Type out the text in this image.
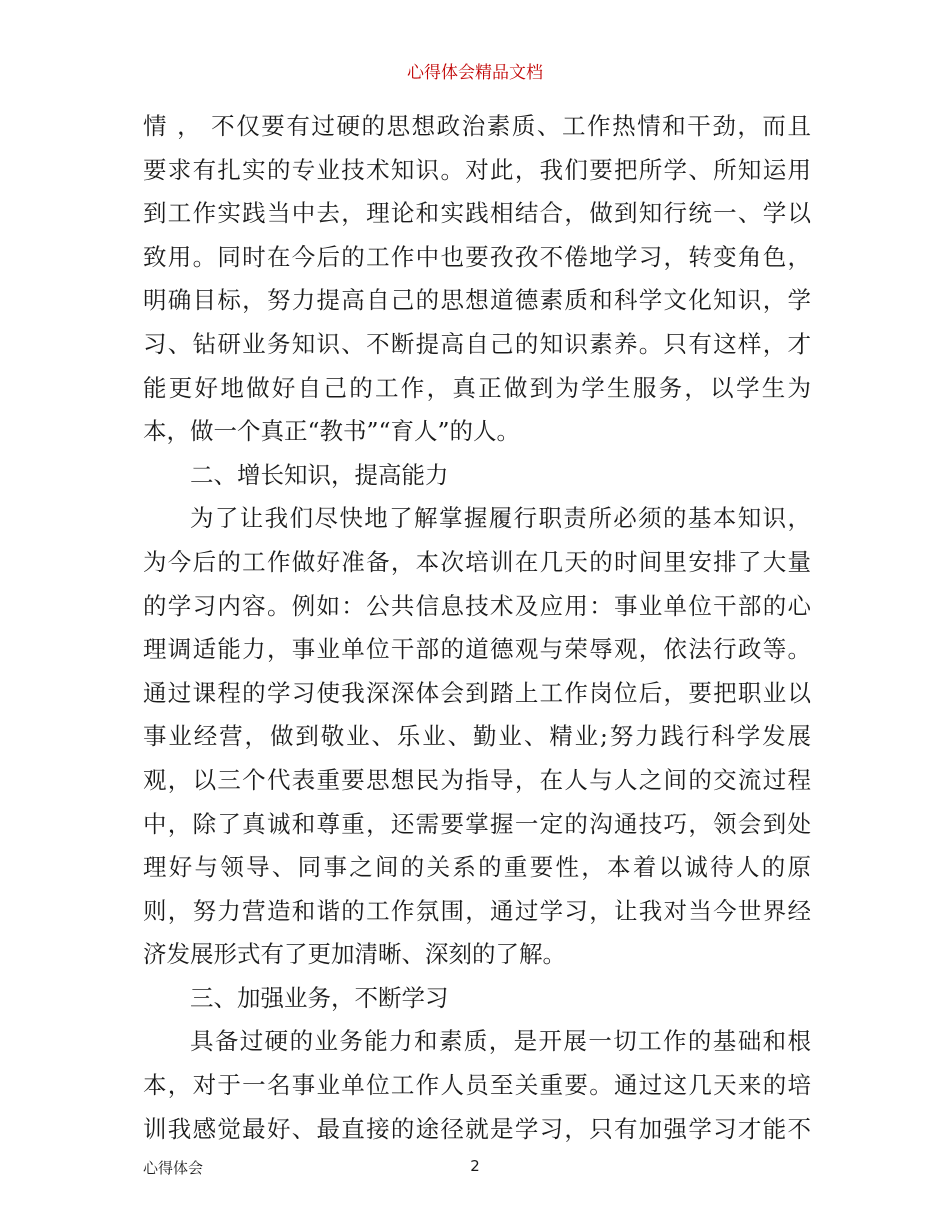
心得体会精品文档
情 ， 不仅要有过硬的思想政治素质、工作热情和干劲，而且
要求有扎实的专业技术知识。对此，我们要把所学、所知运用
到工作实践当中去，理论和实践相结合，做到知行统一、学以
致用。同时在今后的工作中也要孜孜不倦地学习，转变角色，
明确目标，努力提高自己的思想道德素质和科学文化知识，学
习、钻研业务知识、不断提高自己的知识素养。只有这样，才
能更好地做好自己的工作，真正做到为学生服务，以学生为
本，做一个真正“教书”“育人”的人。
二、增长知识，提高能力
为了让我们尽快地了解掌握履行职责所必须的基本知识，
为今后的工作做好准备，本次培训在几天的时间里安排了大量
的学习内容。例如：公共信息技术及应用：事业单位干部的心
理调适能力，事业单位干部的道德观与荣辱观，依法行政等。
通过课程的学习使我深深体会到踏上工作岗位后，要把职业以
事业经营，做到敬业、乐业、勤业、精业;努力践行科学发展
观，以三个代表重要思想民为指导，在人与人之间的交流过程
中，除了真诚和尊重，还需要掌握一定的沟通技巧，领会到处
理好与领导、同事之间的关系的重要性，本着以诚待人的原
则，努力营造和谐的工作氛围，通过学习，让我对当今世界经
济发展形式有了更加清晰、深刻的了解。
三、加强业务，不断学习
具备过硬的业务能力和素质，是开展一切工作的基础和根
本，对于一名事业单位工作人员至关重要。通过这几天来的培
训我感觉最好、最直接的途径就是学习，只有加强学习才能不
心得体会	2
